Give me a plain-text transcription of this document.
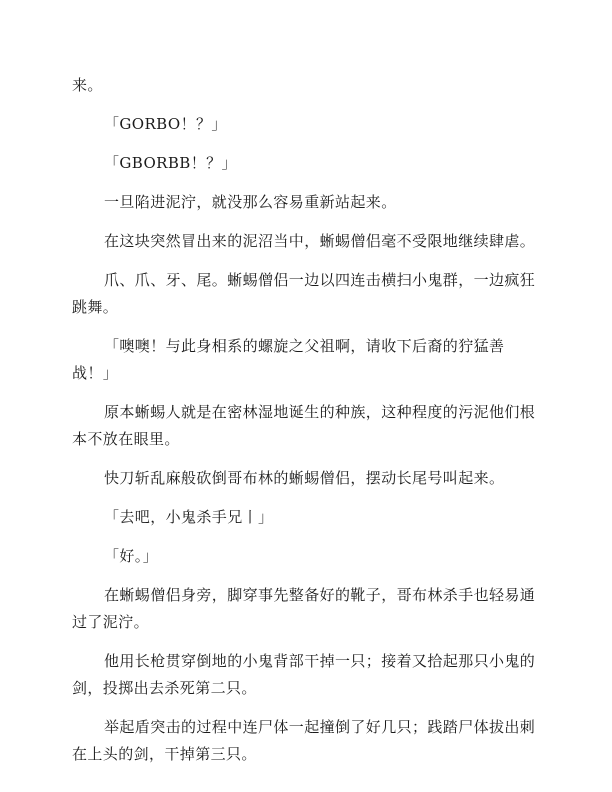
来。

「GORBO！？」

「GBORBB！？」

一旦陷进泥泞，就没那么容易重新站起来。

在这块突然冒出来的泥沼当中，蜥蜴僧侣毫不受限地继续肆虐。

爪、爪、牙、尾。蜥蜴僧侣一边以四连击横扫小鬼群，一边疯狂跳舞。

「噢噢！与此身相系的螺旋之父祖啊，请收下后裔的狞猛善战！」

原本蜥蜴人就是在密林湿地诞生的种族，这种程度的污泥他们根本不放在眼里。

快刀斩乱麻般砍倒哥布林的蜥蜴僧侣，摆动长尾号叫起来。

「去吧，小鬼杀手兄丨」

「好。」

在蜥蜴僧侣身旁，脚穿事先整备好的靴子，哥布林杀手也轻易通过了泥泞。

他用长枪贯穿倒地的小鬼背部干掉一只；接着又拾起那只小鬼的剑，投掷出去杀死第二只。

举起盾突击的过程中连尸体一起撞倒了好几只；践踏尸体拔出刺在上头的剑，干掉第三只。
